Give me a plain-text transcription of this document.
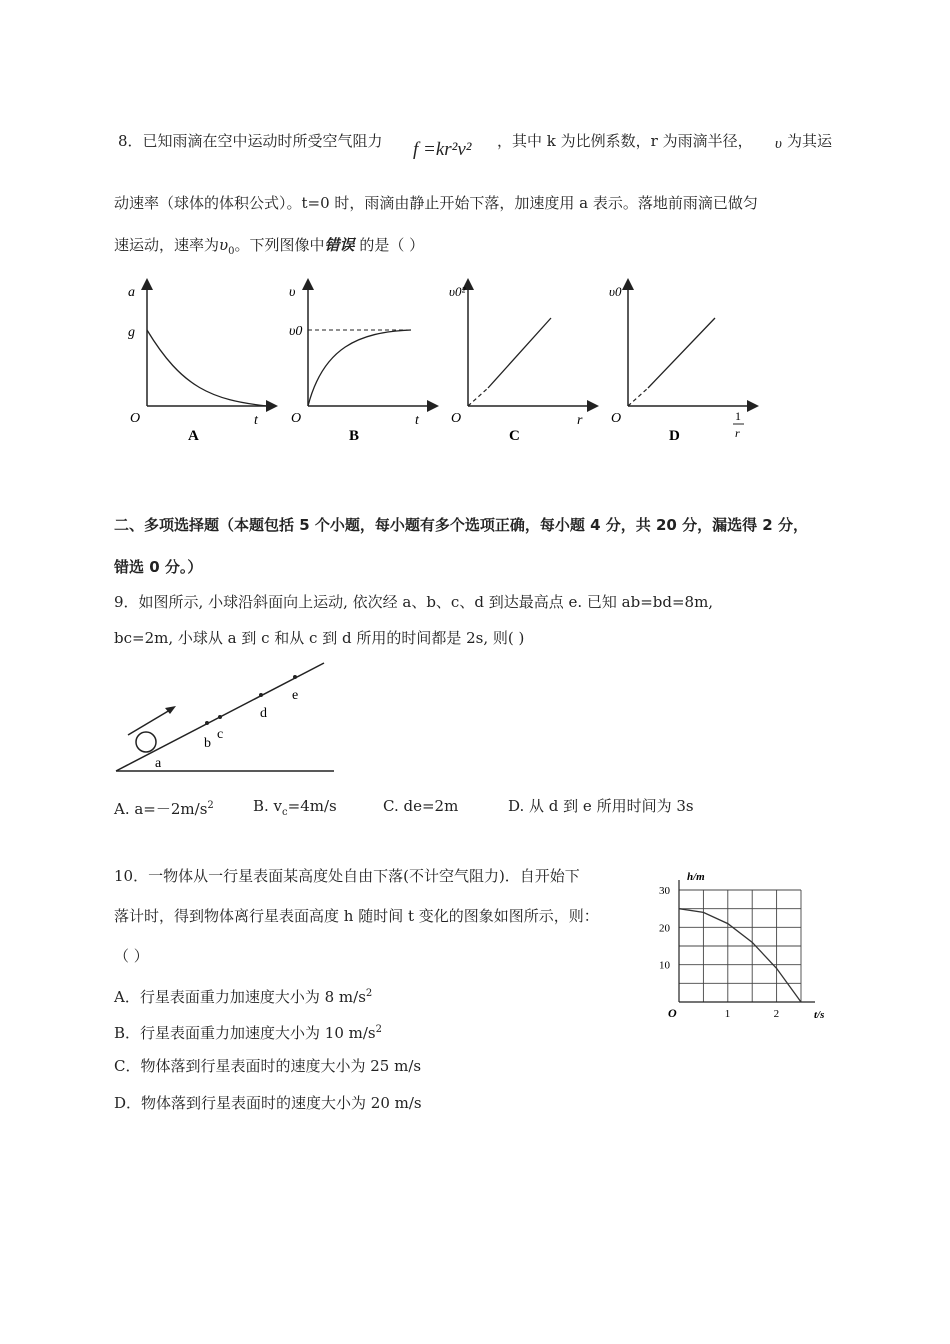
8．已知雨滴在空中运动时所受空气阻力 f =kr²v² ，其中 k 为比例系数，r 为雨滴半径， υ 为其运
动速率（球体的体积公式）。t=0 时，雨滴由静止开始下落，加速度用 a 表示。落地前雨滴已做匀
速运动，速率为$\upsilon_0$。下列图像中错误 的是（ ）
a
g
O	t
A
υ
υ0
O	t
B
υ0²
O	r
C
υ0
O	1
r
D
二、多项选择题（本题包括 5 个小题，每小题有多个选项正确，每小题 4 分，共 20 分，漏选得 2 分，
错选 0 分。）
9．如图所示, 小球沿斜面向上运动, 依次经 a、b、c、d 到达最高点 e. 已知 ab=bd=8m,
bc=2m, 小球从 a 到 c 和从 c 到 d 所用的时间都是 2s, 则( )
a
b
c
d
e
A. $a=-2m/s^2$	B. $v_c=4m/s$	C. de=2m	D. 从 d 到 e 所用时间为 3s
10．一物体从一行星表面某高度处自由下落(不计空气阻力)．自开始下
落计时，得到物体离行星表面高度 h 随时间 t 变化的图象如图所示，则：
（ ）
A．行星表面重力加速度大小为 8 $m/s^2$
B．行星表面重力加速度大小为 10 $m/s^2$
C．物体落到行星表面时的速度大小为 25 m/s
D．物体落到行星表面时的速度大小为 20 m/s
1	2
10
20
30
h/m
t/s
O
